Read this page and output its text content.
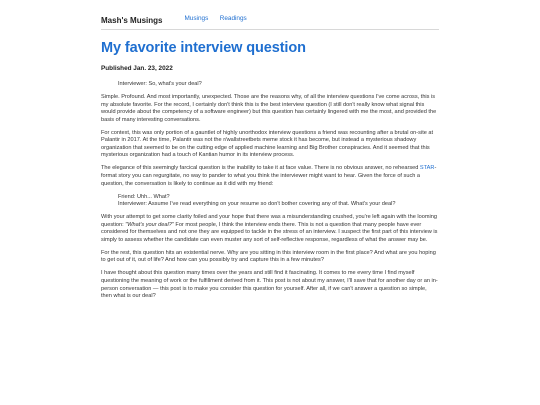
Mash's Musings	Musings Readings
My favorite interview question
Published Jan. 23, 2022

Interviewer: So, what's your deal?

Simple. Profound. And most importantly, unexpected. Those are the reasons why, of all the interview questions I've come across, this is my absolute favorite. For the record, I certainly don't think this is the best interview question (I still don't really know what signal this would provide about the competency of a software engineer) but this question has certainly lingered with me the most, and provided the basis of many interesting conversations.

For context, this was only portion of a gauntlet of highly unorthodox interview questions a friend was recounting after a brutal on-site at Palantir in 2017. At the time, Palantir was not the r/wallstreetbets meme stock it has become, but instead a mysterious shadowy organization that seemed to be on the cutting edge of applied machine learning and Big Brother conspiracies. And it seemed that this mysterious organization had a touch of Kantian humor in its interview process.

The elegance of this seemingly farcical question is the inability to take it at face value. There is no obvious answer, no rehearsed STAR-format story you can regurgitate, no way to pander to what you think the interviewer might want to hear. Given the force of such a question, the conversation is likely to continue as it did with my friend:

Friend: Uhh... What?
Interviewer: Assume I've read everything on your resume so don't bother covering any of that. What's your deal?

With your attempt to get some clarity foiled and your hope that there was a misunderstanding crushed, you're left again with the looming question: "What's your deal?" For most people, I think the interview ends there. This is not a question that many people have ever considered for themselves and not one they are equipped to tackle in the stress of an interview. I suspect the first part of this interview is simply to assess whether the candidate can even muster any sort of self-reflective response, regardless of what the answer may be.

For the rest, this question hits an existential nerve. Why are you sitting in this interview room in the first place? And what are you hoping to get out of it, out of life? And how can you possibly try and capture this in a few minutes?

I have thought about this question many times over the years and still find it fascinating. It comes to me every time I find myself questioning the meaning of work or the fulfillment derived from it. This post is not about my answer, I'll save that for another day or an in-person conversation — this post is to make you consider this question for yourself. After all, if we can't answer a question so simple, then what is our deal?
